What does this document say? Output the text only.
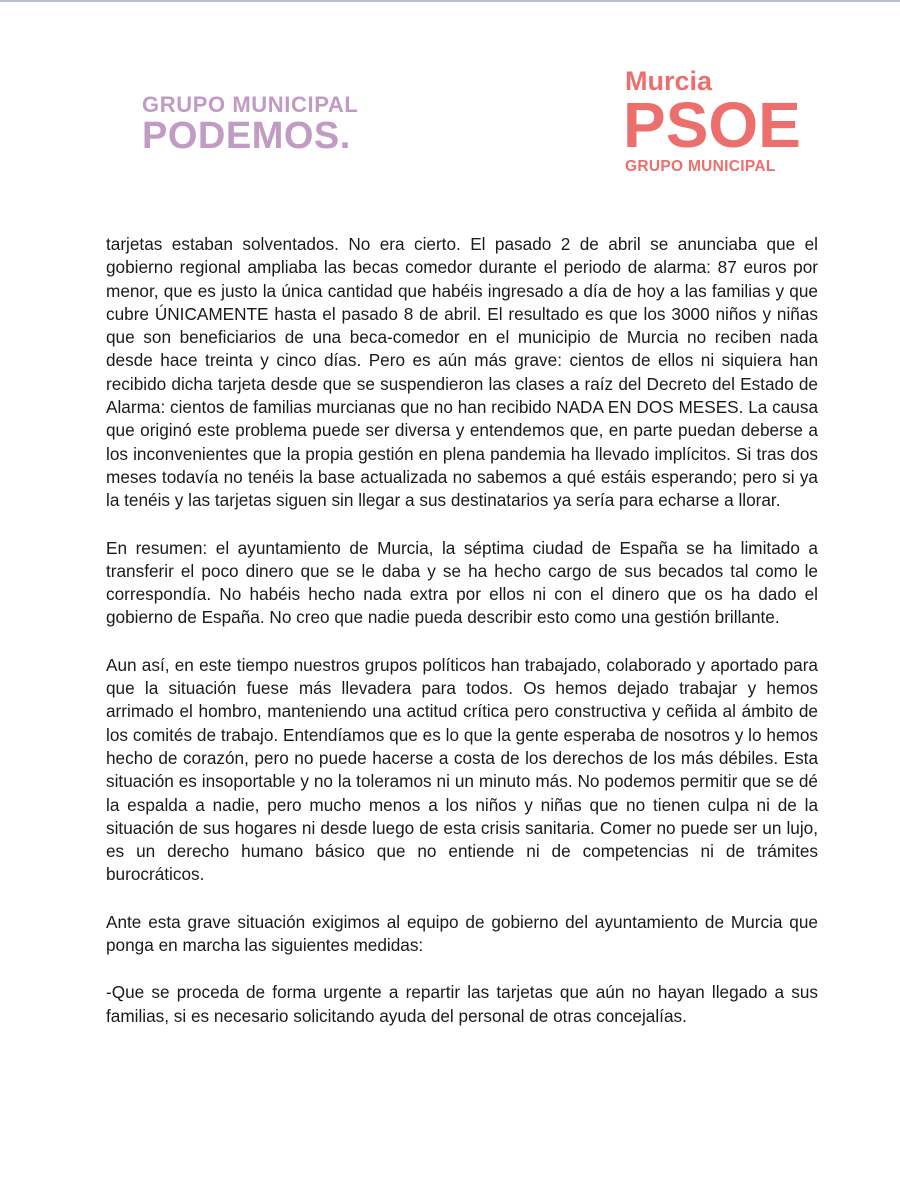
GRUPO MUNICIPAL
PODEMOS.
Murcia
PSOE
GRUPO MUNICIPAL

tarjetas estaban solventados. No era cierto. El pasado 2 de abril se anunciaba que el gobierno regional ampliaba las becas comedor durante el periodo de alarma: 87 euros por menor, que es justo la única cantidad que habéis ingresado a día de hoy a las familias y que cubre ÚNICAMENTE hasta el pasado 8 de abril. El resultado es que los 3000 niños y niñas que son beneficiarios de una beca-comedor en el municipio de Murcia no reciben nada desde hace treinta y cinco días. Pero es aún más grave: cientos de ellos ni siquiera han recibido dicha tarjeta desde que se suspendieron las clases a raíz del Decreto del Estado de Alarma: cientos de familias murcianas que no han recibido NADA EN DOS MESES. La causa que originó este problema puede ser diversa y entendemos que, en parte puedan deberse a los inconvenientes que la propia gestión en plena pandemia ha llevado implícitos. Si tras dos meses todavía no tenéis la base actualizada no sabemos a qué estáis esperando; pero si ya la tenéis y las tarjetas siguen sin llegar a sus destinatarios ya sería para echarse a llorar.

En resumen: el ayuntamiento de Murcia, la séptima ciudad de España se ha limitado a transferir el poco dinero que se le daba y se ha hecho cargo de sus becados tal como le correspondía. No habéis hecho nada extra por ellos ni con el dinero que os ha dado el gobierno de España. No creo que nadie pueda describir esto como una gestión brillante.

Aun así, en este tiempo nuestros grupos políticos han trabajado, colaborado y aportado para que la situación fuese más llevadera para todos. Os hemos dejado trabajar y hemos arrimado el hombro, manteniendo una actitud crítica pero constructiva y ceñida al ámbito de los comités de trabajo. Entendíamos que es lo que la gente esperaba de nosotros y lo hemos hecho de corazón, pero no puede hacerse a costa de los derechos de los más débiles. Esta situación es insoportable y no la toleramos ni un minuto más. No podemos permitir que se dé la espalda a nadie, pero mucho menos a los niños y niñas que no tienen culpa ni de la situación de sus hogares ni desde luego de esta crisis sanitaria. Comer no puede ser un lujo, es un derecho humano básico que no entiende ni de competencias ni de trámites burocráticos.

Ante esta grave situación exigimos al equipo de gobierno del ayuntamiento de Murcia que ponga en marcha las siguientes medidas:

-Que se proceda de forma urgente a repartir las tarjetas que aún no hayan llegado a sus familias, si es necesario solicitando ayuda del personal de otras concejalías.
